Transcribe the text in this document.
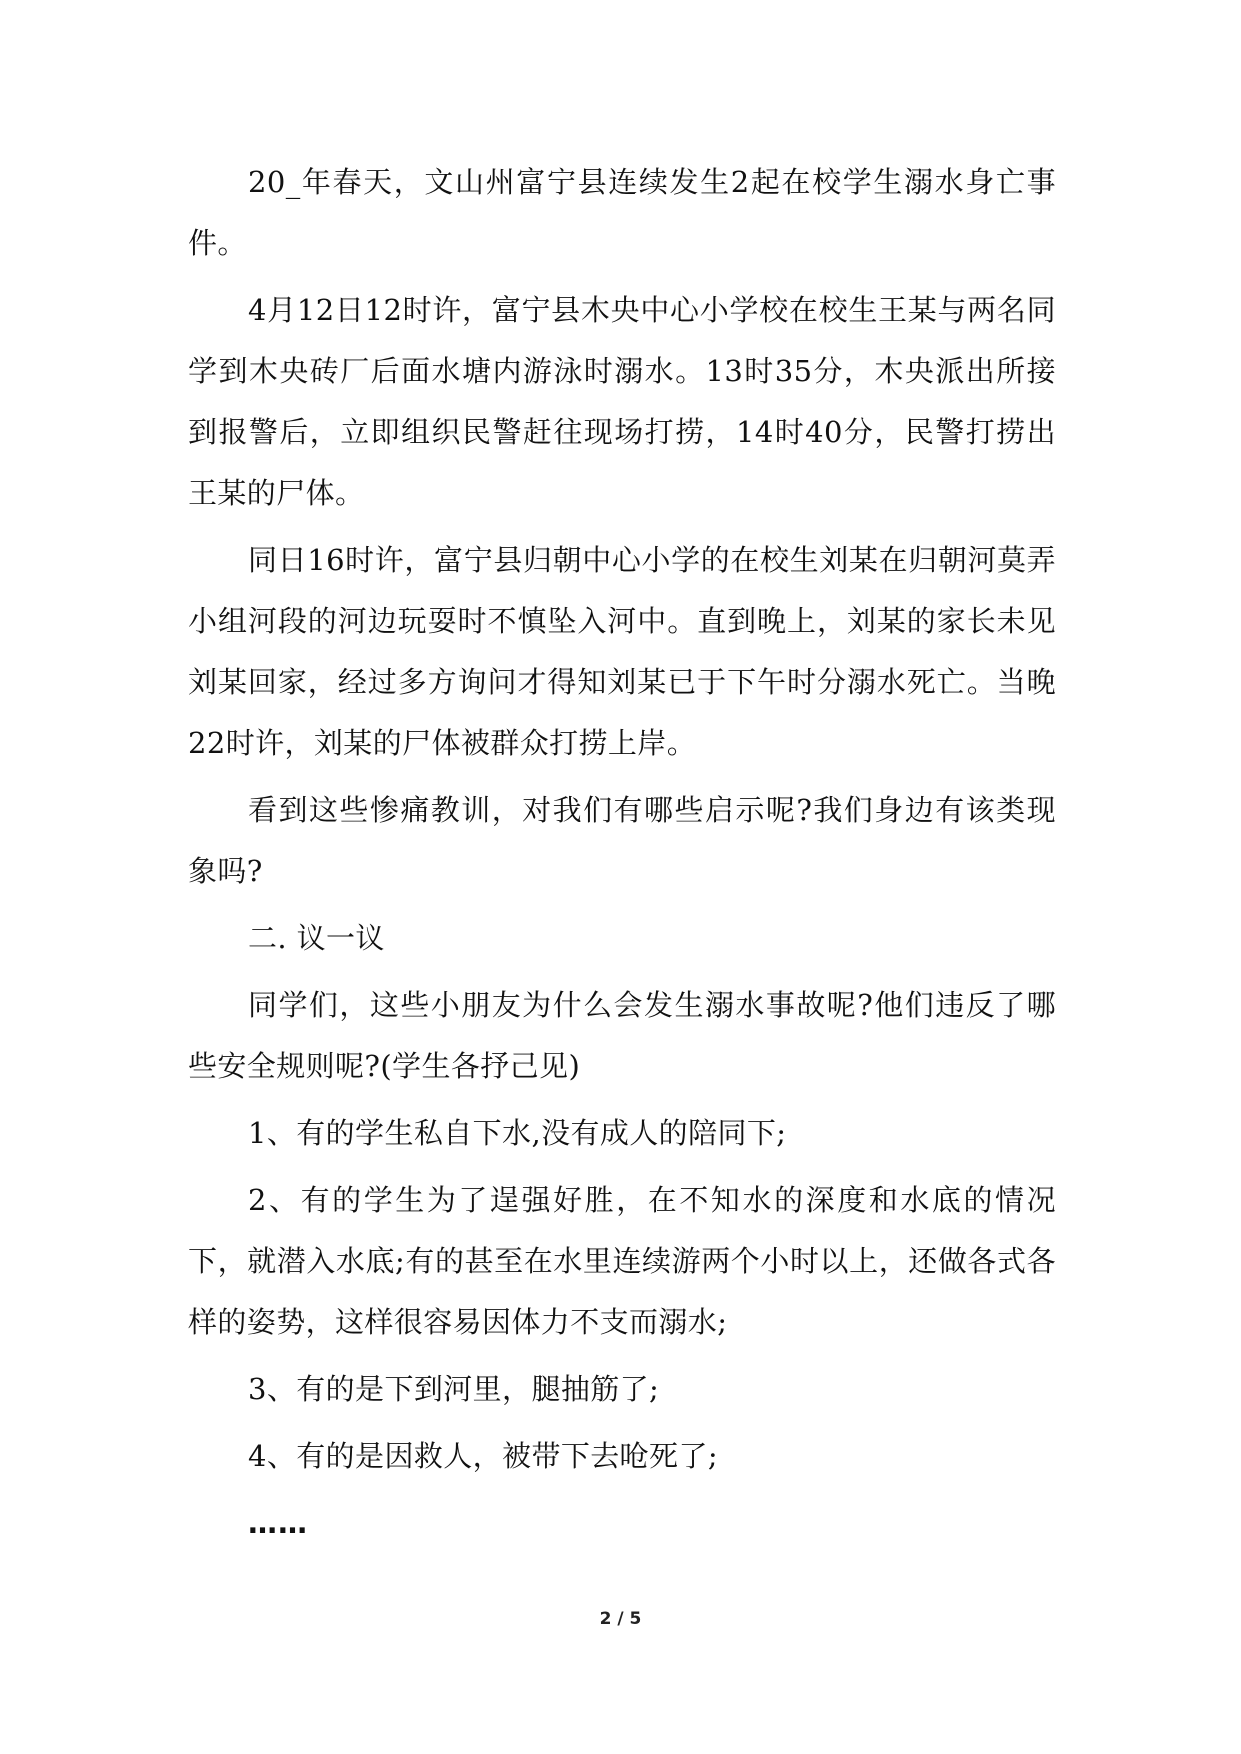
20_年春天，文山州富宁县连续发生2起在校学生溺水身亡事件。

4月12日12时许，富宁县木央中心小学校在校生王某与两名同学到木央砖厂后面水塘内游泳时溺水。13时35分，木央派出所接到报警后，立即组织民警赶往现场打捞，14时40分，民警打捞出王某的尸体。

同日16时许，富宁县归朝中心小学的在校生刘某在归朝河莫弄小组河段的河边玩耍时不慎坠入河中。直到晚上，刘某的家长未见刘某回家，经过多方询问才得知刘某已于下午时分溺水死亡。当晚22时许，刘某的尸体被群众打捞上岸。

看到这些惨痛教训，对我们有哪些启示呢?我们身边有该类现象吗?

二. 议一议

同学们，这些小朋友为什么会发生溺水事故呢?他们违反了哪些安全规则呢?(学生各抒己见)

1、有的学生私自下水,没有成人的陪同下;

2、有的学生为了逞强好胜，在不知水的深度和水底的情况下，就潜入水底;有的甚至在水里连续游两个小时以上，还做各式各样的姿势，这样很容易因体力不支而溺水;

3、有的是下到河里，腿抽筋了;

4、有的是因救人，被带下去呛死了;

……

2 / 5
